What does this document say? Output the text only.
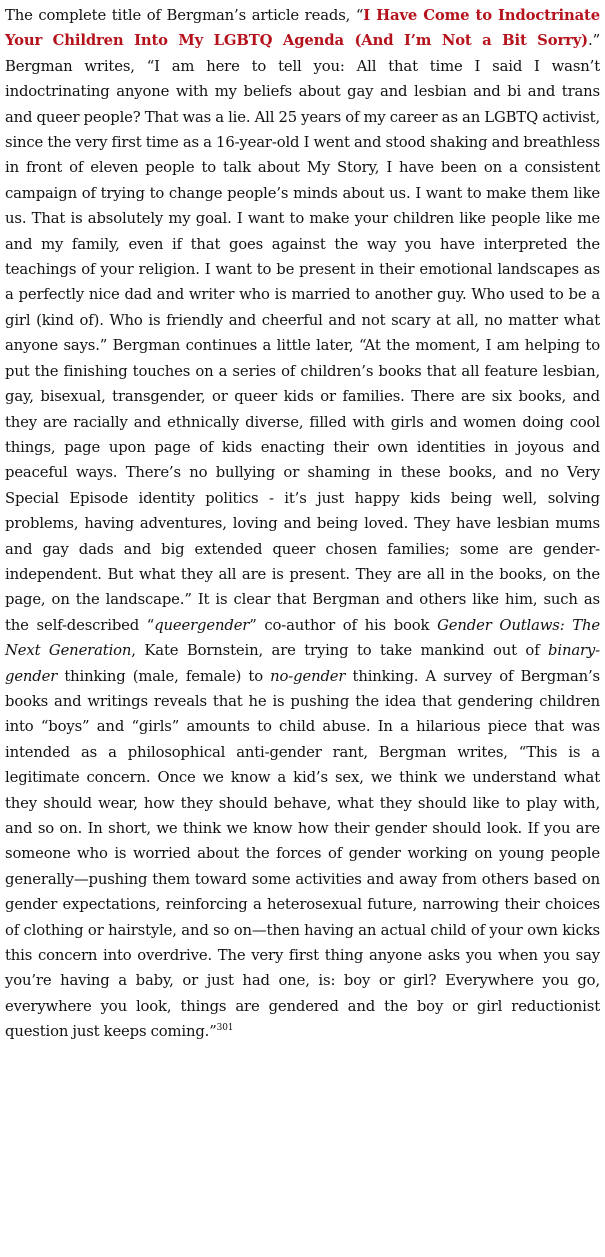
The complete title of Bergman’s article reads, “I Have Come to Indoctrinate Your Children Into My LGBTQ Agenda (And I’m Not a Bit Sorry).” Bergman writes, “I am here to tell you: All that time I said I wasn’t indoctrinating anyone with my beliefs about gay and lesbian and bi and trans and queer people? That was a lie. All 25 years of my career as an LGBTQ activist, since the very first time as a 16-year-old I went and stood shaking and breathless in front of eleven people to talk about My Story, I have been on a consistent campaign of trying to change people’s minds about us. I want to make them like us. That is absolutely my goal. I want to make your children like people like me and my family, even if that goes against the way you have interpreted the teachings of your religion. I want to be present in their emotional landscapes as a perfectly nice dad and writer who is married to another guy. Who used to be a girl (kind of). Who is friendly and cheerful and not scary at all, no matter what anyone says.” Bergman continues a little later, “At the moment, I am helping to put the finishing touches on a series of children’s books that all feature lesbian, gay, bisexual, transgender, or queer kids or families. There are six books, and they are racially and ethnically diverse, filled with girls and women doing cool things, page upon page of kids enacting their own identities in joyous and peaceful ways. There’s no bullying or shaming in these books, and no Very Special Episode identity politics - it’s just happy kids being well, solving problems, having adventures, loving and being loved. They have lesbian mums and gay dads and big extended queer chosen families; some are gender-independent. But what they all are is present. They are all in the books, on the page, on the landscape.” It is clear that Bergman and others like him, such as the self-described “queergender” co-author of his book Gender Outlaws: The Next Generation, Kate Bornstein, are trying to take mankind out of binary-gender thinking (male, female) to no-gender thinking. A survey of Bergman’s books and writings reveals that he is pushing the idea that gendering children into “boys” and “girls” amounts to child abuse. In a hilarious piece that was intended as a philosophical anti-gender rant, Bergman writes, “This is a legitimate concern. Once we know a kid’s sex, we think we understand what they should wear, how they should behave, what they should like to play with, and so on. In short, we think we know how their gender should look. If you are someone who is worried about the forces of gender working on young people generally—pushing them toward some activities and away from others based on gender expectations, reinforcing a heterosexual future, narrowing their choices of clothing or hairstyle, and so on—then having an actual child of your own kicks this concern into overdrive. The very first thing anyone asks you when you say you’re having a baby, or just had one, is: boy or girl? Everywhere you go, everywhere you look, things are gendered and the boy or girl reductionist question just keeps coming.”$^{301}$
